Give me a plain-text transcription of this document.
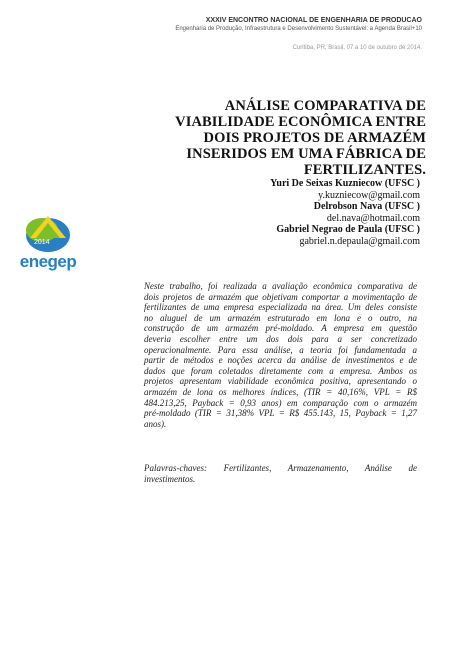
XXXIV ENCONTRO NACIONAL DE ENGENHARIA DE PRODUCAO
Engenharia de Produção, Infraestrutura e Desenvolvimento Sustentável: a Agenda Brasil+10
Curitiba, PR, Brasil, 07 a 10 de outubro de 2014.
2014
enegep
ANÁLISE COMPARATIVA DE
VIABILIDADE ECONÔMICA ENTRE
DOIS PROJETOS DE ARMAZÉM
INSERIDOS EM UMA FÁBRICA DE
FERTILIZANTES.
Yuri De Seixas Kuzniecow (UFSC )
y.kuzniecow@gmail.com
Delrobson Nava (UFSC )
del.nava@hotmail.com
Gabriel Negrao de Paula (UFSC )
gabriel.n.depaula@gmail.com
Neste trabalho, foi realizada a avaliação econômica comparativa de
dois projetos de armazém que objetivam comportar a movimentação de
fertilizantes de uma empresa especializada na área. Um deles consiste
no aluguel de um armazém estruturado em lona e o outro, na
construção de um armazém pré-moldado. A empresa em questão
deveria escolher entre um dos dois para a ser concretizado
operacionalmente. Para essa análise, a teoria foi fundamentada a
partir de métodos e noções acerca da análise de investimentos e de
dados que foram coletados diretamente com a empresa. Ambos os
projetos apresentam viabilidade econômica positiva, apresentando o
armazém de lona os melhores índices, (TIR = 40,16%, VPL = R$
484.213,25, Payback = 0,93 anos) em comparação com o armazém
pré-moldado (TIR = 31,38% VPL = R$ 455.143, 15, Payback = 1,27
anos).
Palavras-chaves: Fertilizantes, Armazenamento, Análise de
investimentos.
